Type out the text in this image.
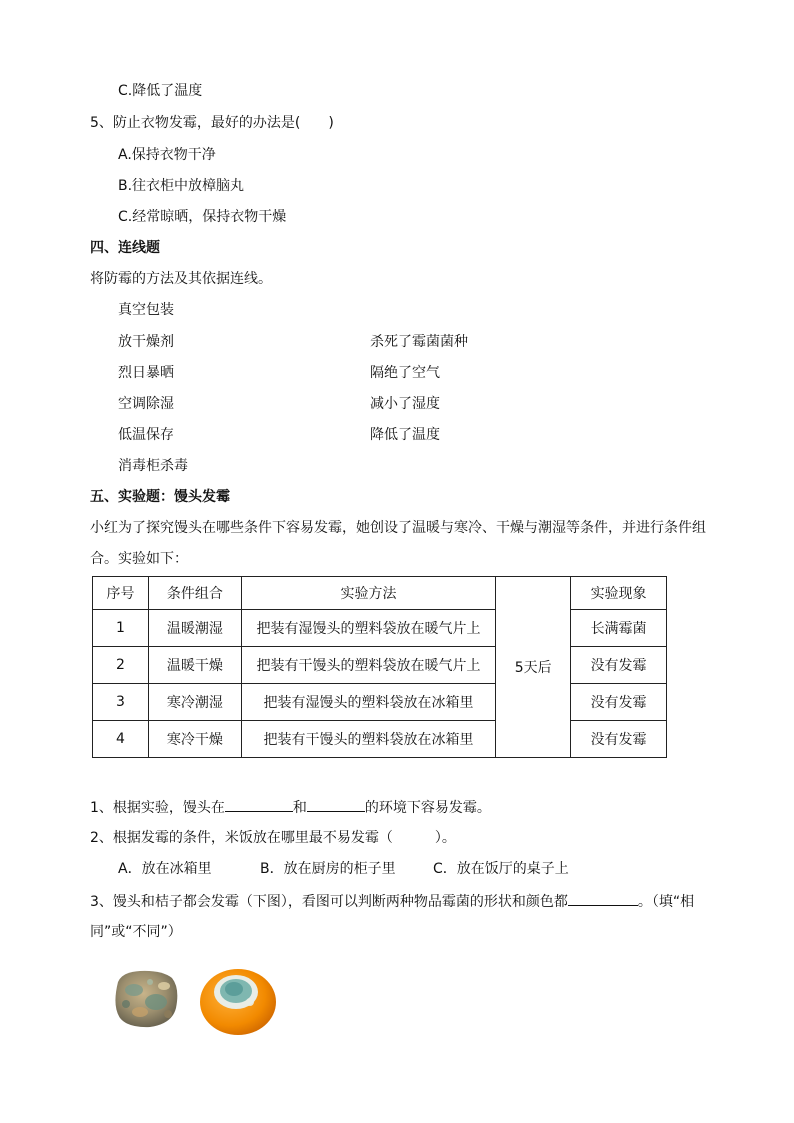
C.降低了温度
5、防止衣物发霉，最好的办法是(　　)
A.保持衣物干净
B.往衣柜中放樟脑丸
C.经常晾晒，保持衣物干燥
四、连线题
将防霉的方法及其依据连线。
真空包装
放干燥剂
烈日暴晒
空调除湿
低温保存
消毒柜杀毒
杀死了霉菌菌种
隔绝了空气
减小了湿度
降低了温度
五、实验题：馒头发霉
小红为了探究馒头在哪些条件下容易发霉，她创设了温暖与寒冷、干燥与潮湿等条件，并进行条件组
合。实验如下：
序号	条件组合	实验方法	5天后	实验现象
1	温暖潮湿	把装有湿馒头的塑料袋放在暖气片上		长满霉菌
2	温暖干燥	把装有干馒头的塑料袋放在暖气片上		没有发霉
3	寒冷潮湿	把装有湿馒头的塑料袋放在冰箱里		没有发霉
4	寒冷干燥	把装有干馒头的塑料袋放在冰箱里		没有发霉
1、根据实验，馒头在	和	的环境下容易发霉。
2、根据发霉的条件，米饭放在哪里最不易发霉（　　　）。
A．放在冰箱里	B．放在厨房的柜子里	C．放在饭厅的桌子上
3、馒头和桔子都会发霉（下图），看图可以判断两种物品霉菌的形状和颜色都	。（填“相
同”或“不同”）
